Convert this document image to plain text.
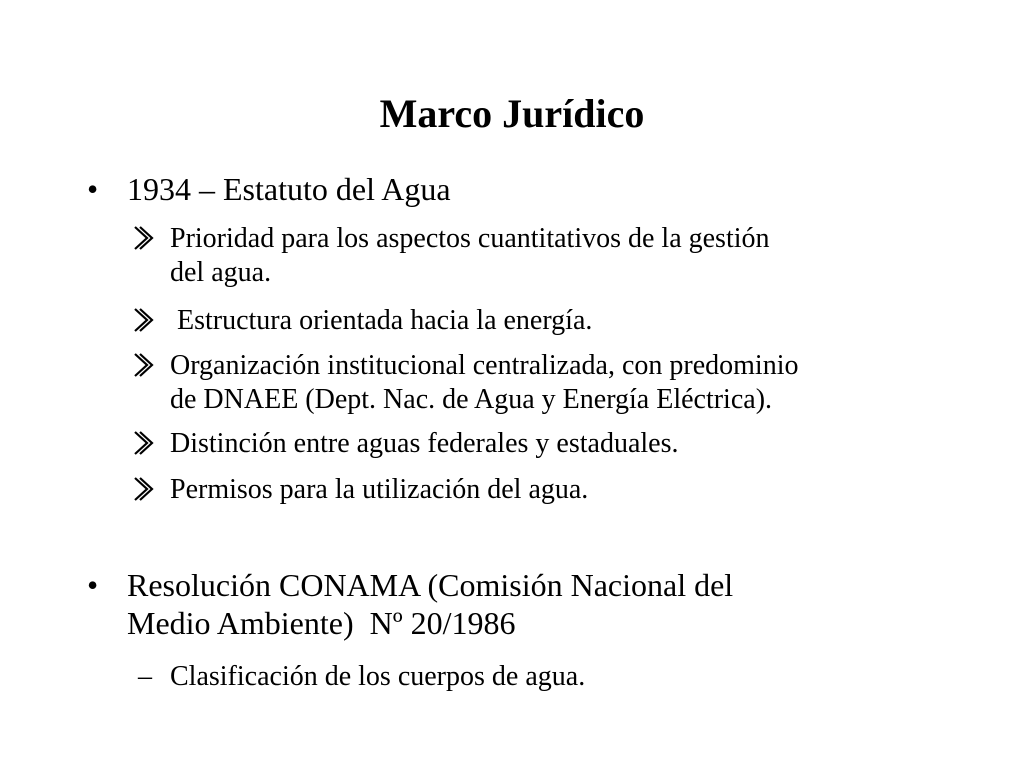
Marco Jurídico
• 1934 – Estatuto del Agua
Prioridad para los aspectos cuantitativos de la gestión
del agua.
Estructura orientada hacia la energía.
Organización institucional centralizada, con predominio
de DNAEE (Dept. Nac. de Agua y Energía Eléctrica).
Distinción entre aguas federales y estaduales.
Permisos para la utilización del agua.
• Resolución CONAMA (Comisión Nacional del
Medio Ambiente)  Nº 20/1986
– Clasificación de los cuerpos de agua.
